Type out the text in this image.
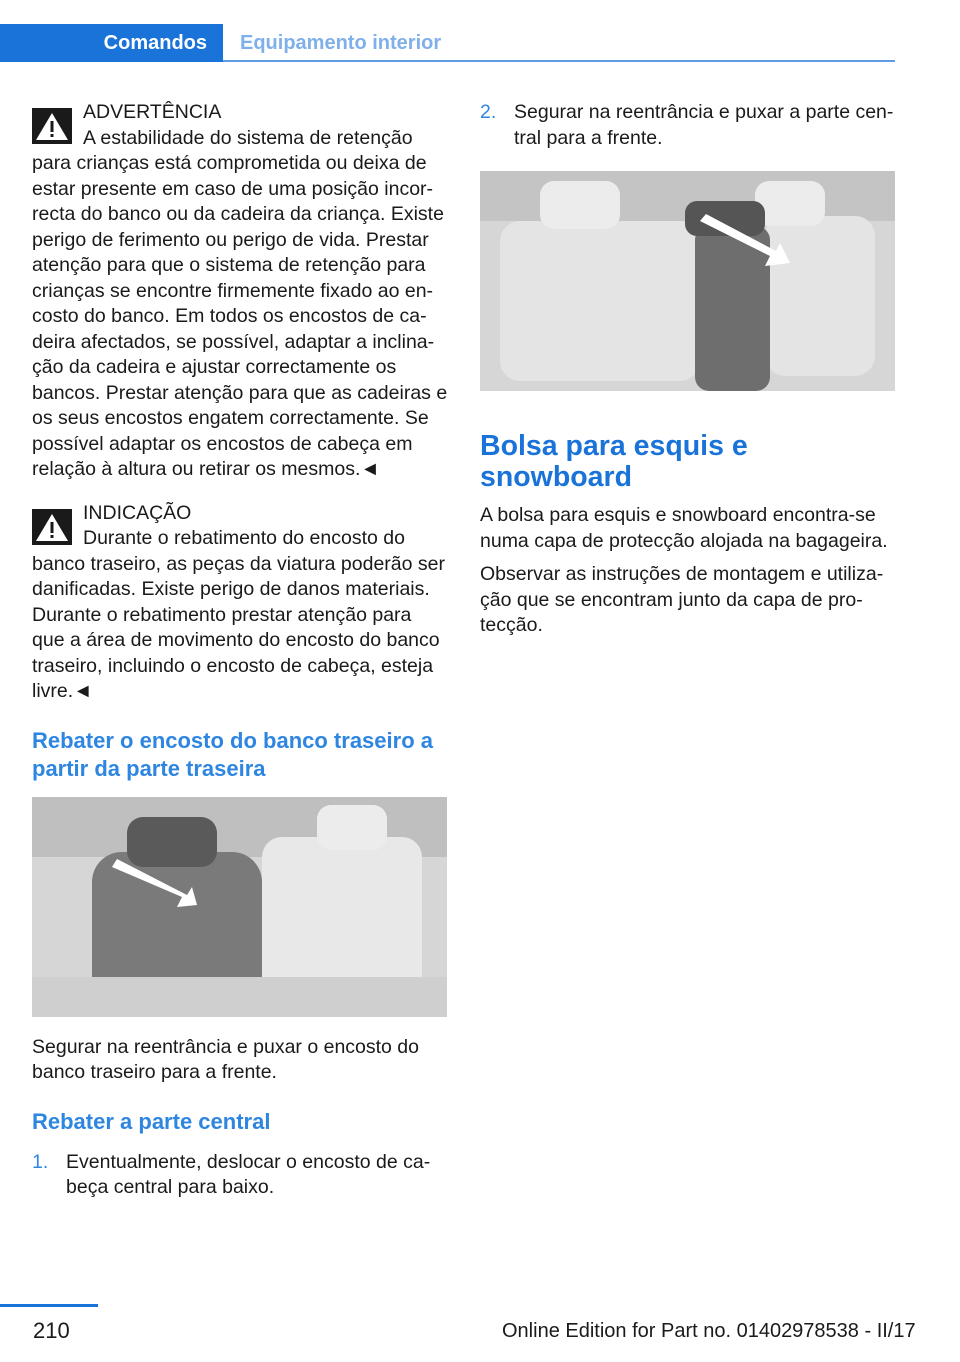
Comandos	Equipamento interior
ADVERTÊNCIA
A estabilidade do sistema de retenção para crianças está comprometida ou deixa de estar presente em caso de uma posição incorrecta do banco ou da cadeira da criança. Existe perigo de ferimento ou perigo de vida. Prestar atenção para que o sistema de retenção para crianças se encontre firmemente fixado ao encosto do banco. Em todos os encostos de cadeira afectados, se possível, adaptar a inclinação da cadeira e ajustar correctamente os bancos. Prestar atenção para que as cadeiras e os seus encostos engatem correctamente. Se possível adaptar os encostos de cabeça em relação à altura ou retirar os mesmos.◄
INDICAÇÃO
Durante o rebatimento do encosto do banco traseiro, as peças da viatura poderão ser danificadas. Existe perigo de danos materiais. Durante o rebatimento prestar atenção para que a área de movimento do encosto do banco traseiro, incluindo o encosto de cabeça, esteja livre.◄
Rebater o encosto do banco traseiro a partir da parte traseira

Segurar na reentrância e puxar o encosto do banco traseiro para a frente.

Rebater a parte central
1. Eventualmente, deslocar o encosto de cabeça central para baixo.
2. Segurar na reentrância e puxar a parte central para a frente.
Bolsa para esquis e snowboard

A bolsa para esquis e snowboard encontra-se numa capa de protecção alojada na bagageira.

Observar as instruções de montagem e utilização que se encontram junto da capa de protecção.

210	Online Edition for Part no. 01402978538 - II/17
